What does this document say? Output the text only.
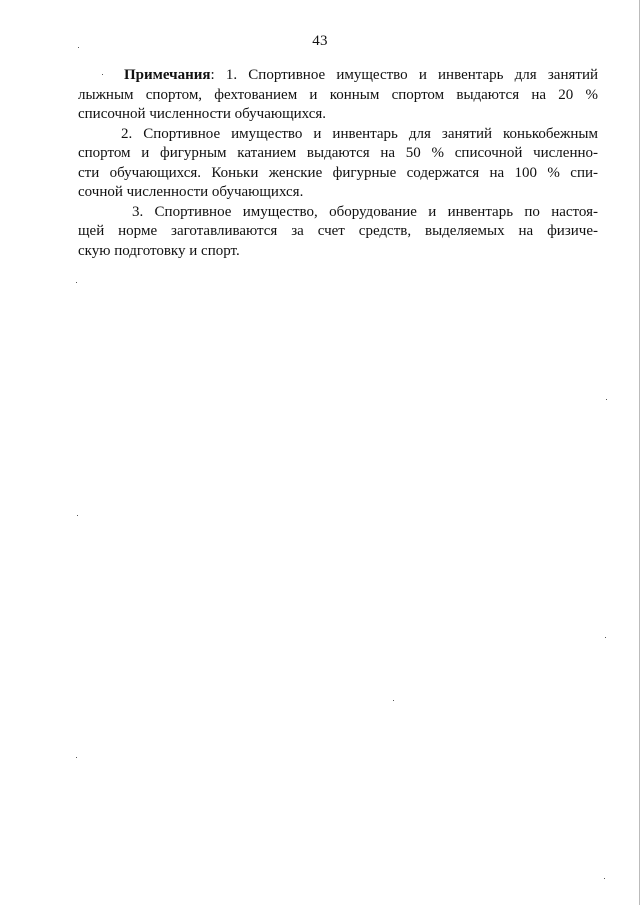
43
Примечания: 1. Спортивное имущество и инвентарь для занятий
лыжным спортом, фехтованием и конным спортом выдаются на 20 %
списочной численности обучающихся.
2. Спортивное имущество и инвентарь для занятий конькобежным
спортом и фигурным катанием выдаются на 50 % списочной численно-
сти обучающихся. Коньки женские фигурные содержатся на 100 % спи-
сочной численности обучающихся.
3. Спортивное имущество, оборудование и инвентарь по настоя-
щей норме заготавливаются за счет средств, выделяемых на физиче-
скую подготовку и спорт.
